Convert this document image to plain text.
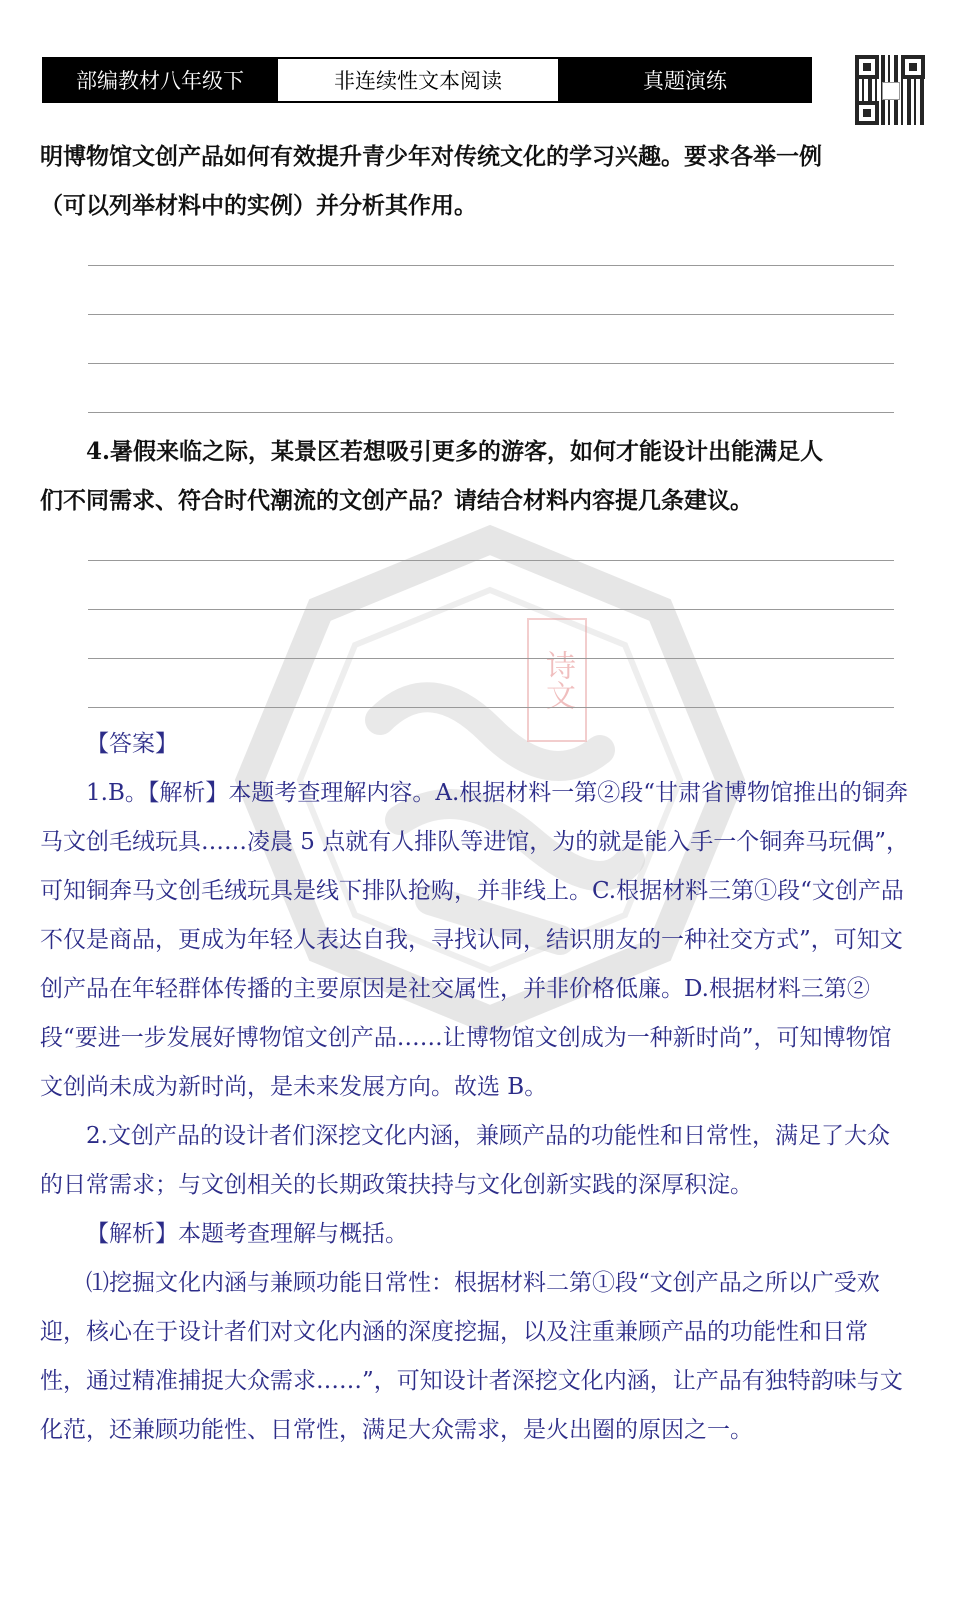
部编教材八年级下	非连续性文本阅读	真题演练
诗文

明博物馆文创产品如何有效提升青少年对传统文化的学习兴趣。要求各举一例

（可以列举材料中的实例）并分析其作用。

4.暑假来临之际，某景区若想吸引更多的游客，如何才能设计出能满足人

们不同需求、符合时代潮流的文创产品？请结合材料内容提几条建议。

【答案】

1.B。【解析】本题考查理解内容。A.根据材料一第②段“甘肃省博物馆推出的铜奔马文创毛绒玩具……凌晨 5 点就有人排队等进馆，为的就是能入手一个铜奔马玩偶”，可知铜奔马文创毛绒玩具是线下排队抢购，并非线上。C.根据材料三第①段“文创产品不仅是商品，更成为年轻人表达自我，寻找认同，结识朋友的一种社交方式”，可知文创产品在年轻群体传播的主要原因是社交属性，并非价格低廉。D.根据材料三第②段“要进一步发展好博物馆文创产品……让博物馆文创成为一种新时尚”，可知博物馆文创尚未成为新时尚，是未来发展方向。故选 B。

2.文创产品的设计者们深挖文化内涵，兼顾产品的功能性和日常性，满足了大众的日常需求；与文创相关的长期政策扶持与文化创新实践的深厚积淀。

【解析】本题考查理解与概括。

⑴挖掘文化内涵与兼顾功能日常性：根据材料二第①段“文创产品之所以广受欢迎，核心在于设计者们对文化内涵的深度挖掘，以及注重兼顾产品的功能性和日常性，通过精准捕捉大众需求……”，可知设计者深挖文化内涵，让产品有独特韵味与文化范，还兼顾功能性、日常性，满足大众需求，是火出圈的原因之一。
